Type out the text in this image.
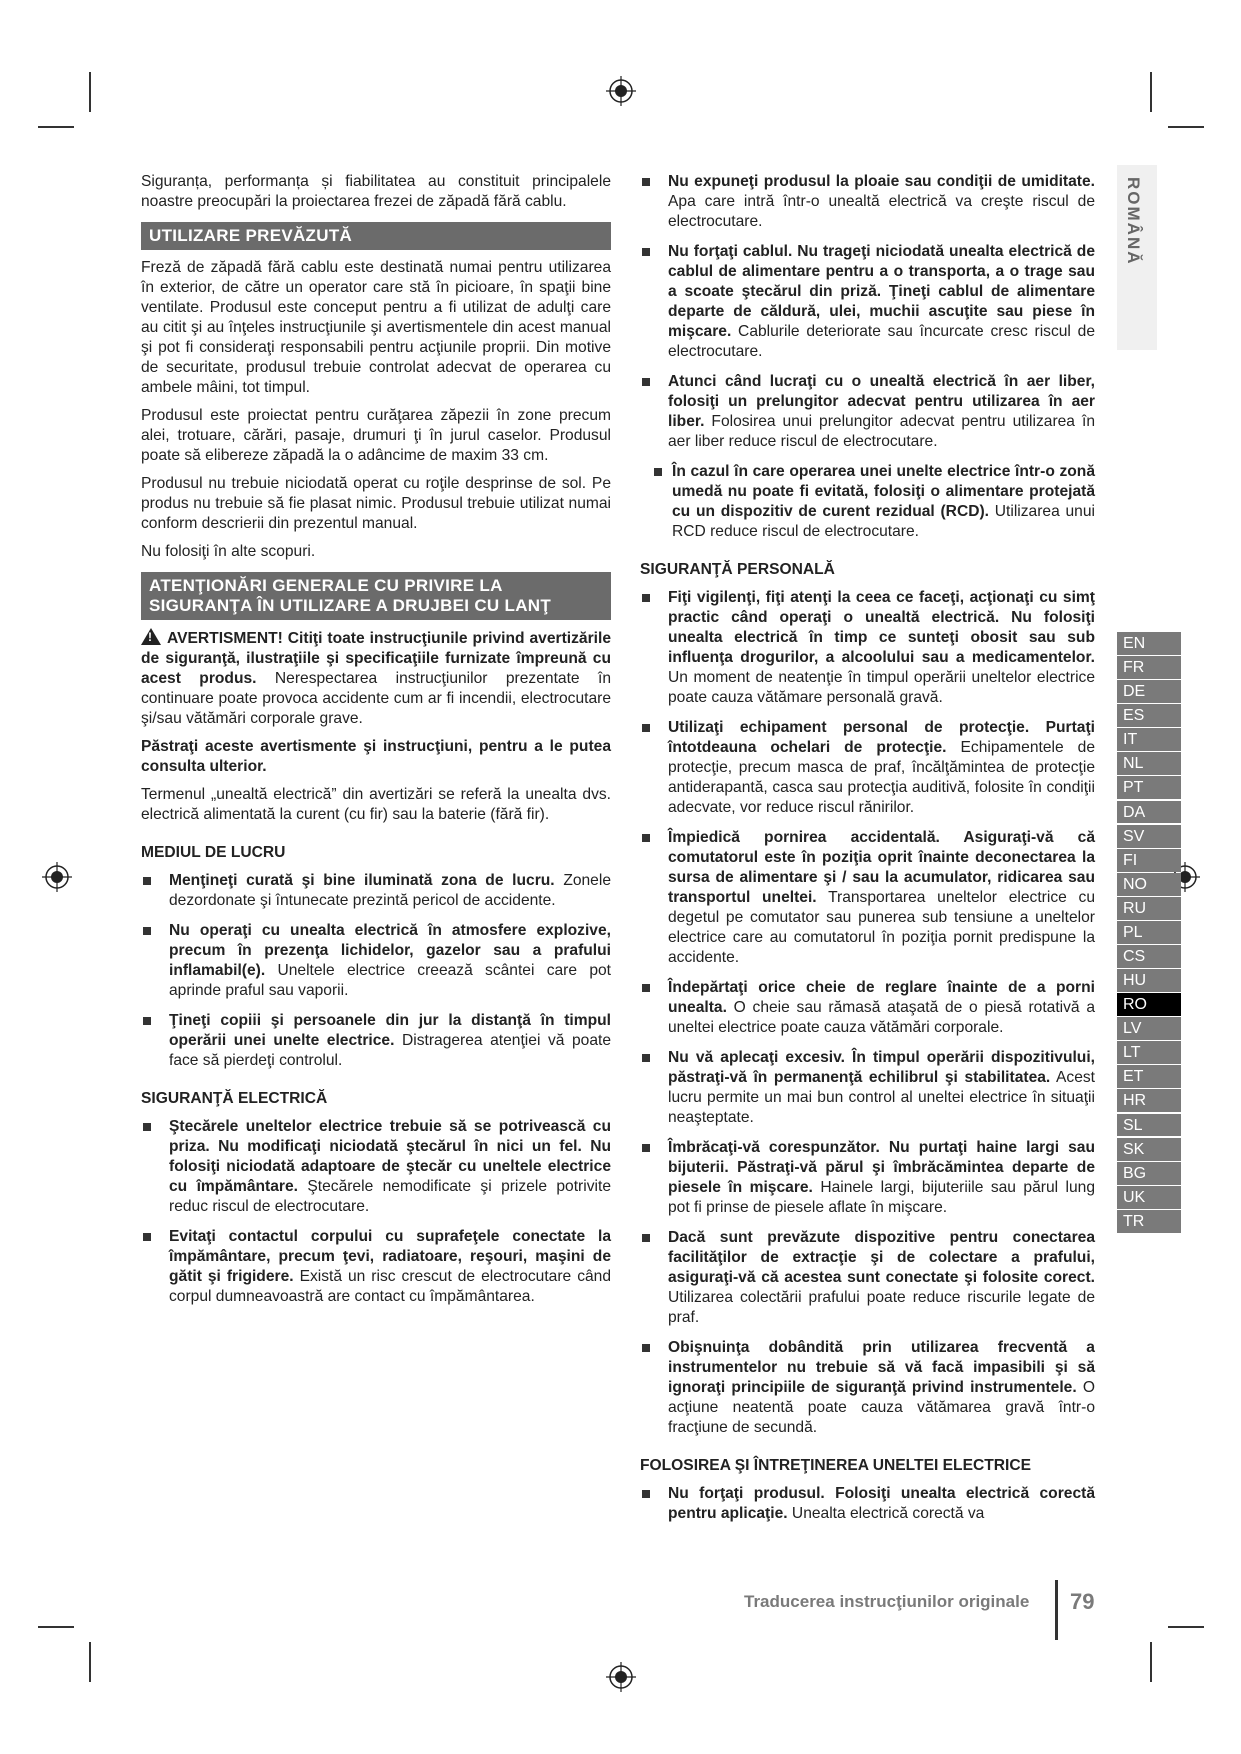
ROMÂNĂ

Siguranța, performanța și fiabilitatea au constituit principalele noastre preocupări la proiectarea frezei de zăpadă fără cablu.

UTILIZARE PREVĂZUTĂ

Freză de zăpadă fără cablu este destinată numai pentru utilizarea în exterior, de către un operator care stă în picioare, în spaţii bine ventilate. Produsul este conceput pentru a fi utilizat de adulţi care au citit şi au înţeles instrucţiunile şi avertismentele din acest manual şi pot fi consideraţi responsabili pentru acţiunile proprii. Din motive de securitate, produsul trebuie controlat adecvat de operarea cu ambele mâini, tot timpul.

Produsul este proiectat pentru curăţarea zăpezii în zone precum alei, trotuare, cărări, pasaje, drumuri ţi în jurul caselor. Produsul poate să elibereze zăpadă la o adâncime de maxim 33 cm.

Produsul nu trebuie niciodată operat cu roţile desprinse de sol. Pe produs nu trebuie să fie plasat nimic. Produsul trebuie utilizat numai conform descrierii din prezentul manual.

Nu folosiţi în alte scopuri.

ATENŢIONĂRI GENERALE CU PRIVIRE LA SIGURANŢA ÎN UTILIZARE A DRUJBEI CU LANŢ

!AVERTISMENT! Citiţi toate instrucţiunile privind avertizările de siguranţă, ilustraţiile şi specificaţiile furnizate împreună cu acest produs. Nerespectarea instrucţiunilor prezentate în continuare poate provoca accidente cum ar fi incendii, electrocutare şi/sau vătămări corporale grave.

Păstraţi aceste avertismente şi instrucţiuni, pentru a le putea consulta ulterior.

Termenul „unealtă electrică” din avertizări se referă la unealta dvs. electrică alimentată la curent (cu fir) sau la baterie (fără fir).

MEDIUL DE LUCRU
Menţineţi curată şi bine iluminată zona de lucru. Zonele dezordonate şi întunecate prezintă pericol de accidente.
Nu operaţi cu unealta electrică în atmosfere explozive, precum în prezenţa lichidelor, gazelor sau a prafului inflamabil(e). Uneltele electrice creează scântei care pot aprinde praful sau vaporii.
Ţineţi copiii şi persoanele din jur la distanţă în timpul operării unei unelte electrice. Distragerea atenţiei vă poate face să pierdeţi controlul.
SIGURANŢĂ ELECTRICĂ
Ştecărele uneltelor electrice trebuie să se potrivească cu priza. Nu modificaţi niciodată ştecărul în nici un fel. Nu folosiţi niciodată adaptoare de ştecăr cu uneltele electrice cu împământare. Ştecărele nemodificate şi prizele potrivite reduc riscul de electrocutare.
Evitaţi contactul corpului cu suprafeţele conectate la împământare, precum ţevi, radiatoare, reşouri, maşini de gătit şi frigidere. Există un risc crescut de electrocutare când corpul dumneavoastră are contact cu împământarea.
Nu expuneţi produsul la ploaie sau condiţii de umiditate. Apa care intră într-o unealtă electrică va creşte riscul de electrocutare.
Nu forţaţi cablul. Nu trageţi niciodată unealta electrică de cablul de alimentare pentru a o transporta, a o trage sau a scoate ştecărul din priză. Ţineţi cablul de alimentare departe de căldură, ulei, muchii ascuţite sau piese în mişcare. Cablurile deteriorate sau încurcate cresc riscul de electrocutare.
Atunci când lucraţi cu o unealtă electrică în aer liber, folosiţi un prelungitor adecvat pentru utilizarea în aer liber. Folosirea unui prelungitor adecvat pentru utilizarea în aer liber reduce riscul de electrocutare.
În cazul în care operarea unei unelte electrice într-o zonă umedă nu poate fi evitată, folosiţi o alimentare protejată cu un dispozitiv de curent rezidual (RCD). Utilizarea unui RCD reduce riscul de electrocutare.
SIGURANŢĂ PERSONALĂ
Fiţi vigilenţi, fiţi atenţi la ceea ce faceţi, acţionaţi cu simţ practic când operaţi o unealtă electrică. Nu folosiţi unealta electrică în timp ce sunteţi obosit sau sub influenţa drogurilor, a alcoolului sau a medicamentelor. Un moment de neatenţie în timpul operării uneltelor electrice poate cauza vătămare personală gravă.
Utilizaţi echipament personal de protecţie. Purtaţi întotdeauna ochelari de protecţie. Echipamentele de protecţie, precum masca de praf, încălţămintea de protecţie antiderapantă, casca sau protecţia auditivă, folosite în condiţii adecvate, vor reduce riscul rănirilor.
Împiedică pornirea accidentală. Asiguraţi-vă că comutatorul este în poziţia oprit înainte deconectarea la sursa de alimentare şi / sau la acumulator, ridicarea sau transportul uneltei. Transportarea uneltelor electrice cu degetul pe comutator sau punerea sub tensiune a uneltelor electrice care au comutatorul în poziţia pornit predispune la accidente.
Îndepărtaţi orice cheie de reglare înainte de a porni unealta. O cheie sau rămasă ataşată de o piesă rotativă a uneltei electrice poate cauza vătămări corporale.
Nu vă aplecaţi excesiv. În timpul operării dispozitivului, păstraţi-vă în permanenţă echilibrul şi stabilitatea. Acest lucru permite un mai bun control al uneltei electrice în situaţii neaşteptate.
Îmbrăcaţi-vă corespunzător. Nu purtaţi haine largi sau bijuterii. Păstraţi-vă părul şi îmbrăcămintea departe de piesele în mişcare. Hainele largi, bijuteriile sau părul lung pot fi prinse de piesele aflate în mişcare.
Dacă sunt prevăzute dispozitive pentru conectarea facilităţilor de extracţie şi de colectare a prafului, asiguraţi-vă că acestea sunt conectate şi folosite corect. Utilizarea colectării prafului poate reduce riscurile legate de praf.
Obişnuinţa dobândită prin utilizarea frecventă a instrumentelor nu trebuie să vă facă impasibili şi să ignoraţi principiile de siguranţă privind instrumentele. O acţiune neatentă poate cauza vătămarea gravă într-o fracţiune de secundă.
FOLOSIREA ŞI ÎNTREŢINEREA UNELTEI ELECTRICE
Nu forţaţi produsul. Folosiţi unealta electrică corectă pentru aplicaţie. Unealta electrică corectă va
EN
FR
DE
ES
IT
NL
PT
DA
SV
FI
NO
RU
PL
CS
HU
RO
LV
LT
ET
HR
SL
SK
BG
UK
TR
Traducerea instrucţiunilor originale 79
